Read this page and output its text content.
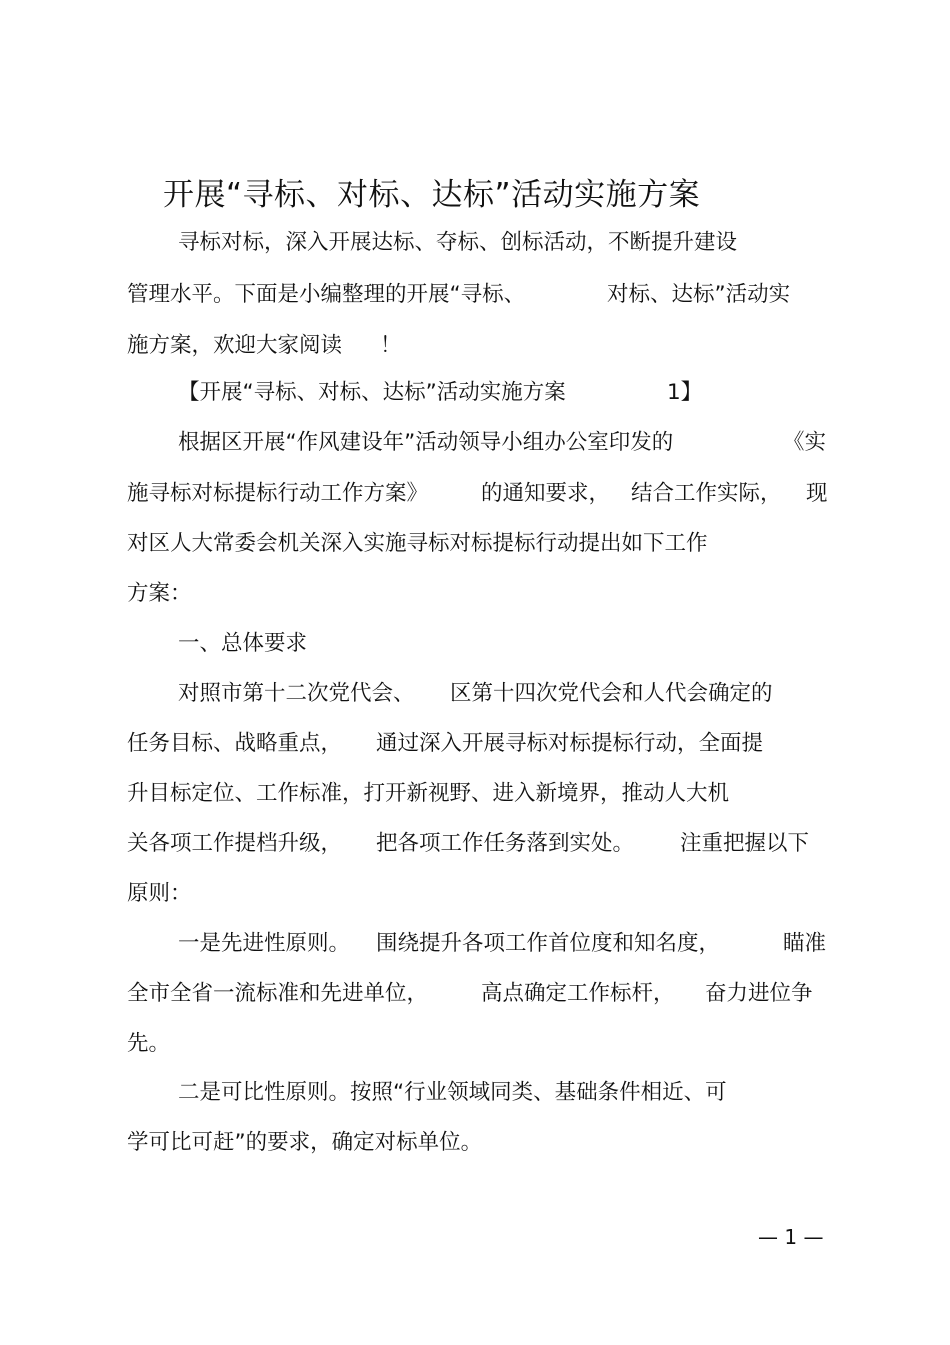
开展“寻标、对标、达标”活动实施方案
寻标对标，深入开展达标、夺标、创标活动，不断提升建设
管理水平。下面是小编整理的开展“寻标、	对标、达标”活动实
施方案，欢迎大家阅读 ！
【开展“寻标、对标、达标”活动实施方案	1】
根据区开展“作风建设年”活动领导小组办公室印发的	《实
施寻标对标提标行动工作方案》 的通知要求， 结合工作实际， 现
对区人大常委会机关深入实施寻标对标提标行动提出如下工作
方案：
一、总体要求
对照市第十二次党代会、 区第十四次党代会和人代会确定的
任务目标、战略重点， 通过深入开展寻标对标提标行动，全面提
升目标定位、工作标准，打开新视野、进入新境界，推动人大机
关各项工作提档升级， 把各项工作任务落到实处。 注重把握以下
原则：
一是先进性原则。 围绕提升各项工作首位度和知名度，	瞄准
全市全省一流标准和先进单位， 高点确定工作标杆， 奋力进位争
先。
二是可比性原则。按照“行业领域同类、基础条件相近、可
学可比可赶”的要求，确定对标单位。
— 1 —
